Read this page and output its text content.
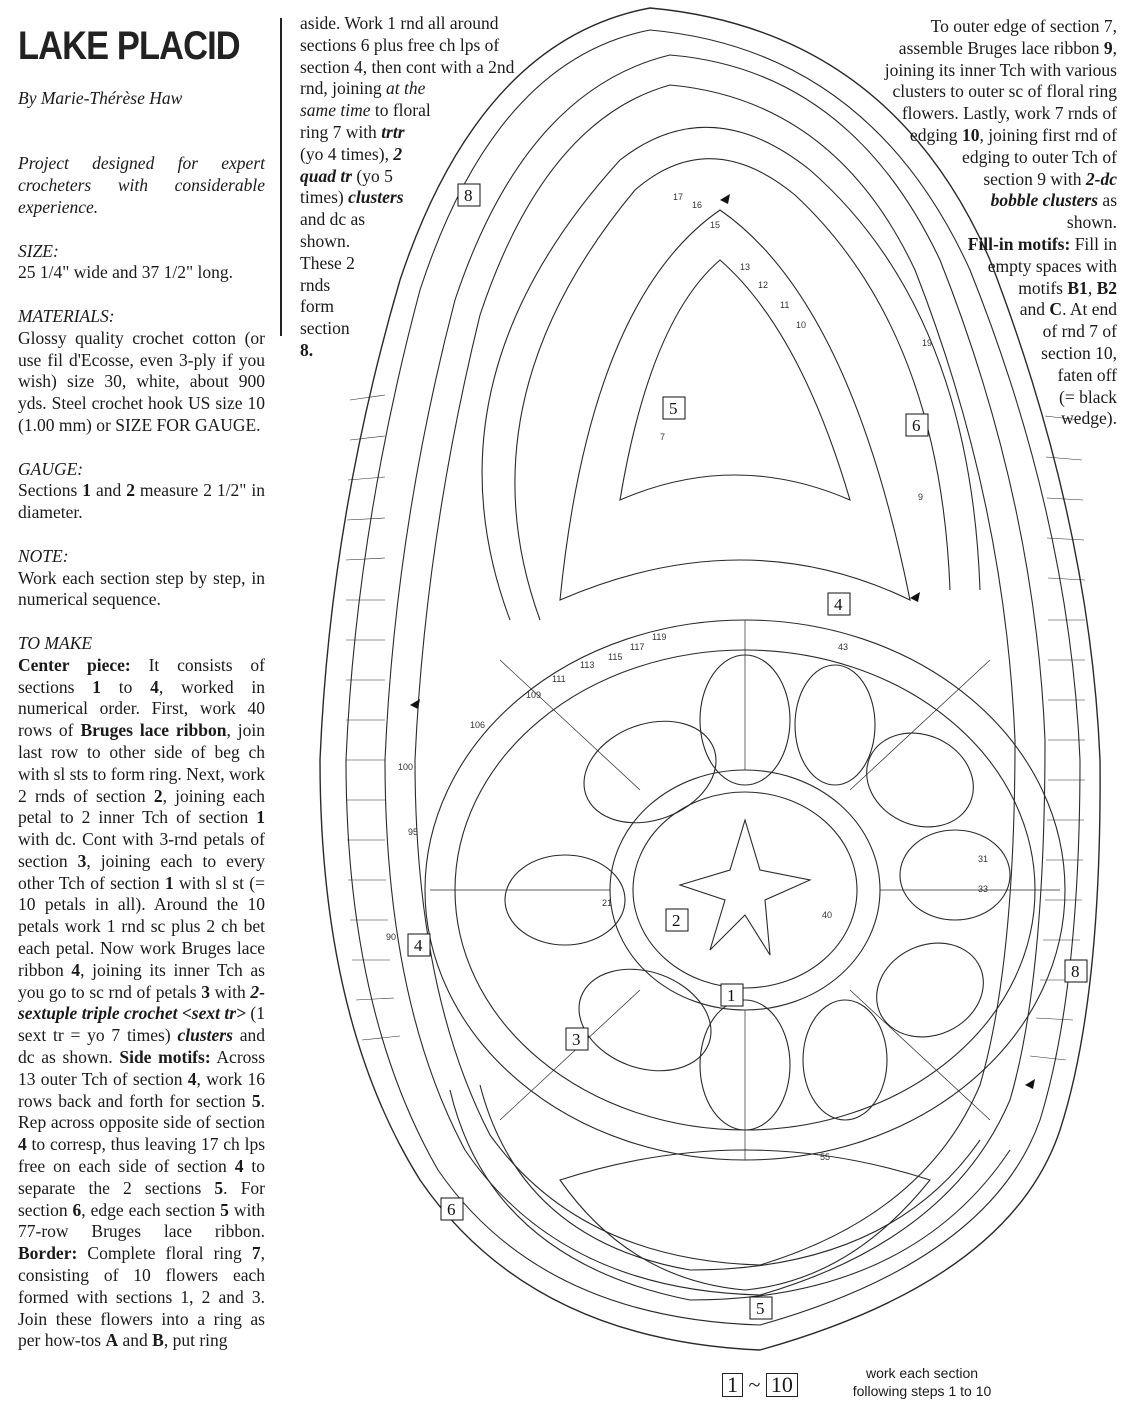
LAKE PLACID

By Marie-Thérèse Haw

Project designed for expert crocheters with considerable experience.

SIZE:

25 1/4" wide and 37 1/2" long.

MATERIALS:

Glossy quality crochet cotton (or use fil d'Ecosse, even 3-ply if you wish) size 30, white, about 900 yds. Steel crochet hook US size 10 (1.00 mm) or SIZE FOR GAUGE.

GAUGE:

Sections 1 and 2 measure 2 1/2" in diameter.

NOTE:

Work each section step by step, in numerical sequence.

TO MAKE

Center piece: It consists of sections 1 to 4, worked in numerical order. First, work 40 rows of Bruges lace ribbon, join last row to other side of beg ch with sl sts to form ring. Next, work 2 rnds of section 2, joining each petal to 2 inner Tch of section 1 with dc. Cont with 3-rnd petals of section 3, joining each to every other Tch of section 1 with sl st (= 10 petals in all). Around the 10 petals work 1 rnd sc plus 2 ch bet each petal. Now work Bruges lace ribbon 4, joining its inner Tch as you go to sc rnd of petals 3 with 2-sextuple triple crochet <sext tr> (1 sext tr = yo 7 times) clusters and dc as shown. Side motifs: Across 13 outer Tch of section 4, work 16 rows back and forth for section 5. Rep across opposite side of section 4 to corresp, thus leaving 17 ch lps free on each side of section 4 to separate the 2 sections 5. For section 6, edge each section 5 with 77-row Bruges lace ribbon. Border: Complete floral ring 7, consisting of 10 flowers each formed with sections 1, 2 and 3. Join these flowers into a ring as per how-tos A and B, put ring

8
5
6
4
2
1
3
4
8
6
5
119
117
115
113
111
109
106
100
95
90
40
43
31
33
21
55
17
16
15
13
12
11
10
19
9
7
aside. Work 1 rnd all around
sections 6 plus free ch lps of
section 4, then cont with a 2nd
rnd, joining at the
same time to floral
ring 7 with trtr
(yo 4 times), 2
quad tr (yo 5
times) clusters
and dc as
shown.
These 2
rnds
form
section
8.
To outer edge of section 7,
assemble Bruges lace ribbon 9,
joining its inner Tch with various
clusters to outer sc of floral ring
flowers. Lastly, work 7 rnds of
edging 10, joining first rnd of
edging to outer Tch of
section 9 with 2-dc
bobble clusters as
shown.
Fill-in motifs: Fill in
empty spaces with
motifs B1, B2
and C. At end
of rnd 7 of
section 10,
faten off
(= black
wedge).
1 ~ 10	work each section following steps 1 to 10
